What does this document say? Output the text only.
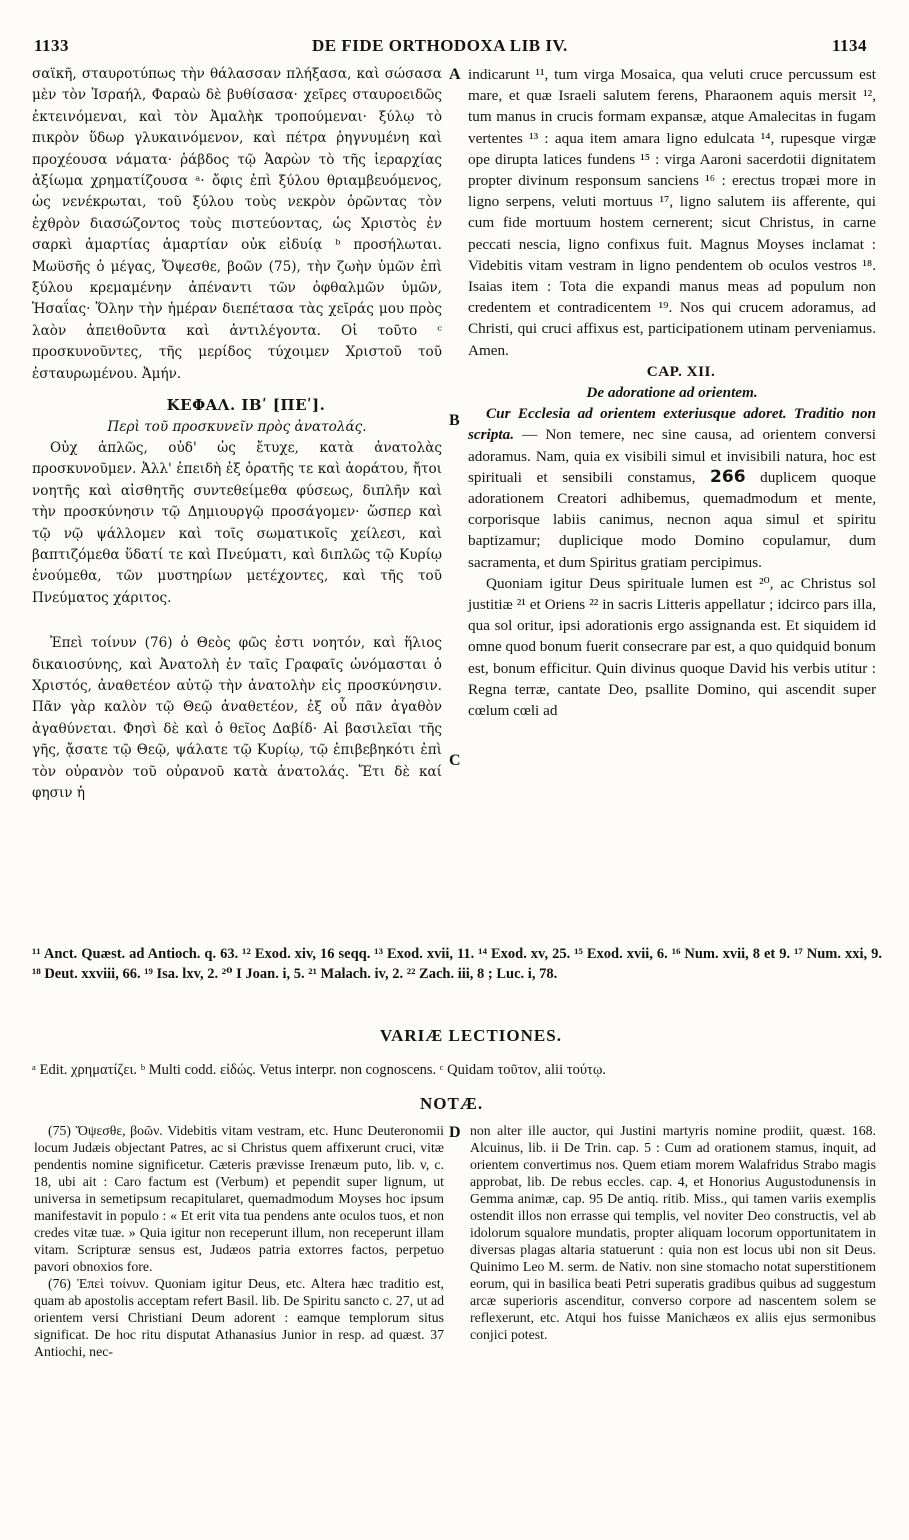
1133	DE FIDE ORTHODOXA LIB IV.	1134
A
B
C
D

σαϊκῆ, σταυροτύπως τὴν θάλασσαν πλήξασα, καὶ σώσασα μὲν τὸν Ἰσραήλ, Φαραὼ δὲ βυθίσασα· χεῖρες σταυροειδῶς ἐκτεινόμεναι, καὶ τὸν Ἀμαλὴκ τροπούμεναι· ξύλῳ τὸ πικρὸν ὕδωρ γλυκαινόμενον, καὶ πέτρα ῥηγνυμένη καὶ προχέουσα νάματα· ῥάβδος τῷ Ἀαρὼν τὸ τῆς ἱεραρχίας ἀξίωμα χρηματίζουσα ᵃ· ὄφις ἐπὶ ξύλου θριαμβευόμενος, ὡς νενέκρωται, τοῦ ξύλου τοὺς νεκρὸν ὁρῶντας τὸν ἐχθρὸν διασώζοντος τοὺς πιστεύοντας, ὡς Χριστὸς ἐν σαρκὶ ἁμαρτίας ἁμαρτίαν οὐκ εἰδυίᾳ ᵇ προσήλωται. Μωϋσῆς ὁ μέγας, Ὄψεσθε, βοῶν (75), τὴν ζωὴν ὑμῶν ἐπὶ ξύλου κρεμαμένην ἀπέναντι τῶν ὀφθαλμῶν ὑμῶν, Ἡσαΐας· Ὅλην τὴν ἡμέραν διεπέτασα τὰς χεῖράς μου πρὸς λαὸν ἀπειθοῦντα καὶ ἀντιλέγοντα. Οἱ τοῦτο ᶜ προσκυνοῦντες, τῆς μερίδος τύχοιμεν Χριστοῦ τοῦ ἐσταυρωμένου. Ἀμήν.

ΚΕΦΑΛ. ΙΒʹ [ΠΕʹ].

Περὶ τοῦ προσκυνεῖν πρὸς ἀνατολάς.

Οὐχ ἁπλῶς, οὐδ' ὡς ἔτυχε, κατὰ ἀνατολὰς προσκυνοῦμεν. Ἀλλ' ἐπειδὴ ἐξ ὁρατῆς τε καὶ ἀοράτου, ἤτοι νοητῆς καὶ αἰσθητῆς συντεθείμεθα φύσεως, διπλῆν καὶ τὴν προσκύνησιν τῷ Δημιουργῷ προσάγομεν· ὥσπερ καὶ τῷ νῷ ψάλλομεν καὶ τοῖς σωματικοῖς χείλεσι, καὶ βαπτιζόμεθα ὕδατί τε καὶ Πνεύματι, καὶ διπλῶς τῷ Κυρίῳ ἑνούμεθα, τῶν μυστηρίων μετέχοντες, καὶ τῆς τοῦ Πνεύματος χάριτος.

Ἐπεὶ τοίνυν (76) ὁ Θεὸς φῶς ἐστι νοητόν, καὶ ἥλιος δικαιοσύνης, καὶ Ἀνατολὴ ἐν ταῖς Γραφαῖς ὠνόμασται ὁ Χριστός, ἀναθετέον αὐτῷ τὴν ἀνατολὴν εἰς προσκύνησιν. Πᾶν γὰρ καλὸν τῷ Θεῷ ἀναθετέον, ἐξ οὗ πᾶν ἀγαθὸν ἀγαθύνεται. Φησὶ δὲ καὶ ὁ θεῖος Δαβίδ· Αἱ βασιλεῖαι τῆς γῆς, ᾄσατε τῷ Θεῷ, ψάλατε τῷ Κυρίῳ, τῷ ἐπιβεβηκότι ἐπὶ τὸν οὐρανὸν τοῦ οὐρανοῦ κατὰ ἀνατολάς. Ἔτι δὲ καί φησιν ἡ

indicarunt ¹¹, tum virga Mosaica, qua veluti cruce percussum est mare, et quæ Israeli salutem ferens, Pharaonem aquis mersit ¹², tum manus in crucis formam expansæ, atque Amalecitas in fugam vertentes ¹³ : aqua item amara ligno edulcata ¹⁴, rupesque virgæ ope dirupta latices fundens ¹⁵ : virga Aaroni sacerdotii dignitatem propter divinum responsum sanciens ¹⁶ : erectus tropæi more in ligno serpens, veluti mortuus ¹⁷, ligno salutem iis afferente, qui cum fide mortuum hostem cernerent; sicut Christus, in carne peccati nescia, ligno confixus fuit. Magnus Moyses inclamat : Videbitis vitam vestram in ligno pendentem ob oculos vestros ¹⁸. Isaias item : Tota die expandi manus meas ad populum non credentem et contradicentem ¹⁹. Nos qui crucem adoramus, ad Christi, qui cruci affixus est, participationem utinam perveniamus. Amen.

CAP. XII.

De adoratione ad orientem.

Cur Ecclesia ad orientem exteriusque adoret. Traditio non scripta. — Non temere, nec sine causa, ad orientem conversi adoramus. Nam, quia ex visibili simul et invisibili natura, hoc est spirituali et sensibili constamus, 266 duplicem quoque adorationem Creatori adhibemus, quemadmodum et mente, corporisque labiis canimus, necnon aqua simul et spiritu baptizamur; duplicique modo Domino copulamur, dum sacramenta, et dum Spiritus gratiam percipimus.

Quoniam igitur Deus spirituale lumen est ²⁰, ac Christus sol justitiæ ²¹ et Oriens ²² in sacris Litteris appellatur ; idcirco pars illa, qua sol oritur, ipsi adorationis ergo assignanda est. Et siquidem id omne quod bonum fuerit consecrare par est, a quo quidquid bonum est, bonum efficitur. Quin divinus quoque David his verbis utitur : Regna terræ, cantate Deo, psallite Domino, qui ascendit super cœlum cœli ad

¹¹ Anct. Quæst. ad Antioch. q. 63. ¹² Exod. xiv, 16 seqq. ¹³ Exod. xvii, 11. ¹⁴ Exod. xv, 25. ¹⁵ Exod. xvii, 6. ¹⁶ Num. xvii, 8 et 9. ¹⁷ Num. xxi, 9. ¹⁸ Deut. xxviii, 66. ¹⁹ Isa. lxv, 2. ²⁰ I Joan. i, 5. ²¹ Malach. iv, 2. ²² Zach. iii, 8 ; Luc. i, 78.
VARIÆ LECTIONES.
ᵃ Edit. χρηματίζει. ᵇ Multi codd. εἰδώς. Vetus interpr. non cognoscens. ᶜ Quidam τοῦτον, alii τούτῳ.
NOTÆ.

(75) Ὄψεσθε, βοῶν. Videbitis vitam vestram, etc. Hunc Deuteronomii locum Judæis objectant Patres, ac si Christus quem affixerunt cruci, vitæ pendentis nomine significetur. Cæteris prævisse Irenæum puto, lib. v, c. 18, ubi ait : Caro factum est (Verbum) et pependit super lignum, ut universa in semetipsum recapitularet, quemadmodum Moyses hoc ipsum manifestavit in populo : « Et erit vita tua pendens ante oculos tuos, et non credes vitæ tuæ. » Quia igitur non receperunt illum, non receperunt illam vitam. Scripturæ sensus est, Judæos patria extorres factos, perpetuo pavori obnoxios fore.

(76) Ἐπεὶ τοίνυν. Quoniam igitur Deus, etc. Altera hæc traditio est, quam ab apostolis acceptam refert Basil. lib. De Spiritu sancto c. 27, ut ad orientem versi Christiani Deum adorent : eamque templorum situs significat. De hoc ritu disputat Athanasius Junior in resp. ad quæst. 37 Antiochi, nec-

non alter ille auctor, qui Justini martyris nomine prodiit, quæst. 168. Alcuinus, lib. ii De Trin. cap. 5 : Cum ad orationem stamus, inquit, ad orientem convertimus nos. Quem etiam morem Walafridus Strabo magis approbat, lib. De rebus eccles. cap. 4, et Honorius Augustodunensis in Gemma animæ, cap. 95 De antiq. ritib. Miss., qui tamen variis exemplis ostendit illos non errasse qui templis, vel noviter Deo constructis, vel ab idolorum squalore mundatis, propter aliquam locorum opportunitatem in diversas plagas altaria statuerunt : quia non est locus ubi non sit Deus. Quinimo Leo M. serm. de Nativ. non sine stomacho notat superstitionem eorum, qui in basilica beati Petri superatis gradibus quibus ad suggestum arcæ superioris ascenditur, converso corpore ad nascentem solem se reflexerunt, etc. Atqui hos fuisse Manichæos ex aliis ejus sermonibus conjici potest.
